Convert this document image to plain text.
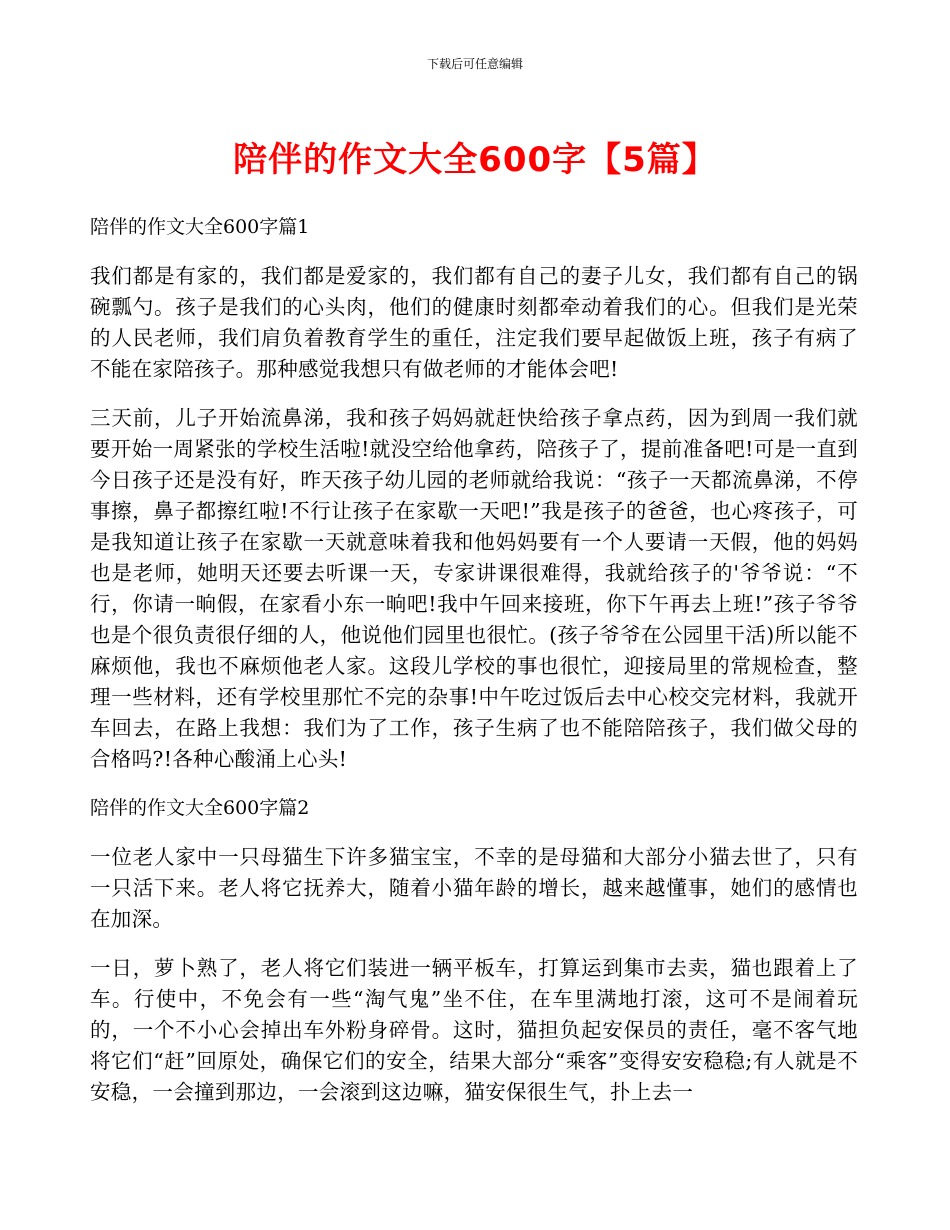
下载后可任意编辑
陪伴的作文大全600字【5篇】
陪伴的作文大全600字篇1

我们都是有家的，我们都是爱家的，我们都有自己的妻子儿女，我们都有自己的锅碗瓢勺。孩子是我们的心头肉，他们的健康时刻都牵动着我们的心。但我们是光荣的人民老师，我们肩负着教育学生的重任，注定我们要早起做饭上班，孩子有病了不能在家陪孩子。那种感觉我想只有做老师的才能体会吧!

三天前，儿子开始流鼻涕，我和孩子妈妈就赶快给孩子拿点药，因为到周一我们就要开始一周紧张的学校生活啦!就没空给他拿药，陪孩子了，提前准备吧!可是一直到今日孩子还是没有好，昨天孩子幼儿园的老师就给我说：“孩子一天都流鼻涕，不停事擦，鼻子都擦红啦!不行让孩子在家歇一天吧!”我是孩子的爸爸，也心疼孩子，可是我知道让孩子在家歇一天就意味着我和他妈妈要有一个人要请一天假，他的妈妈也是老师，她明天还要去听课一天，专家讲课很难得，我就给孩子的'爷爷说：“不行，你请一晌假，在家看小东一晌吧!我中午回来接班，你下午再去上班!”孩子爷爷也是个很负责很仔细的人，他说他们园里也很忙。(孩子爷爷在公园里干活)所以能不麻烦他，我也不麻烦他老人家。这段儿学校的事也很忙，迎接局里的常规检查，整理一些材料，还有学校里那忙不完的杂事!中午吃过饭后去中心校交完材料，我就开车回去，在路上我想：我们为了工作，孩子生病了也不能陪陪孩子，我们做父母的合格吗?!各种心酸涌上心头!

陪伴的作文大全600字篇2

一位老人家中一只母猫生下许多猫宝宝，不幸的是母猫和大部分小猫去世了，只有一只活下来。老人将它抚养大，随着小猫年龄的增长，越来越懂事，她们的感情也在加深。

一日，萝卜熟了，老人将它们装进一辆平板车，打算运到集市去卖，猫也跟着上了车。行使中，不免会有一些“淘气鬼”坐不住，在车里满地打滚，这可不是闹着玩的，一个不小心会掉出车外粉身碎骨。这时，猫担负起安保员的责任，毫不客气地将它们“赶”回原处，确保它们的安全，结果大部分“乘客”变得安安稳稳;有人就是不安稳，一会撞到那边，一会滚到这边嘛，猫安保很生气，扑上去一
